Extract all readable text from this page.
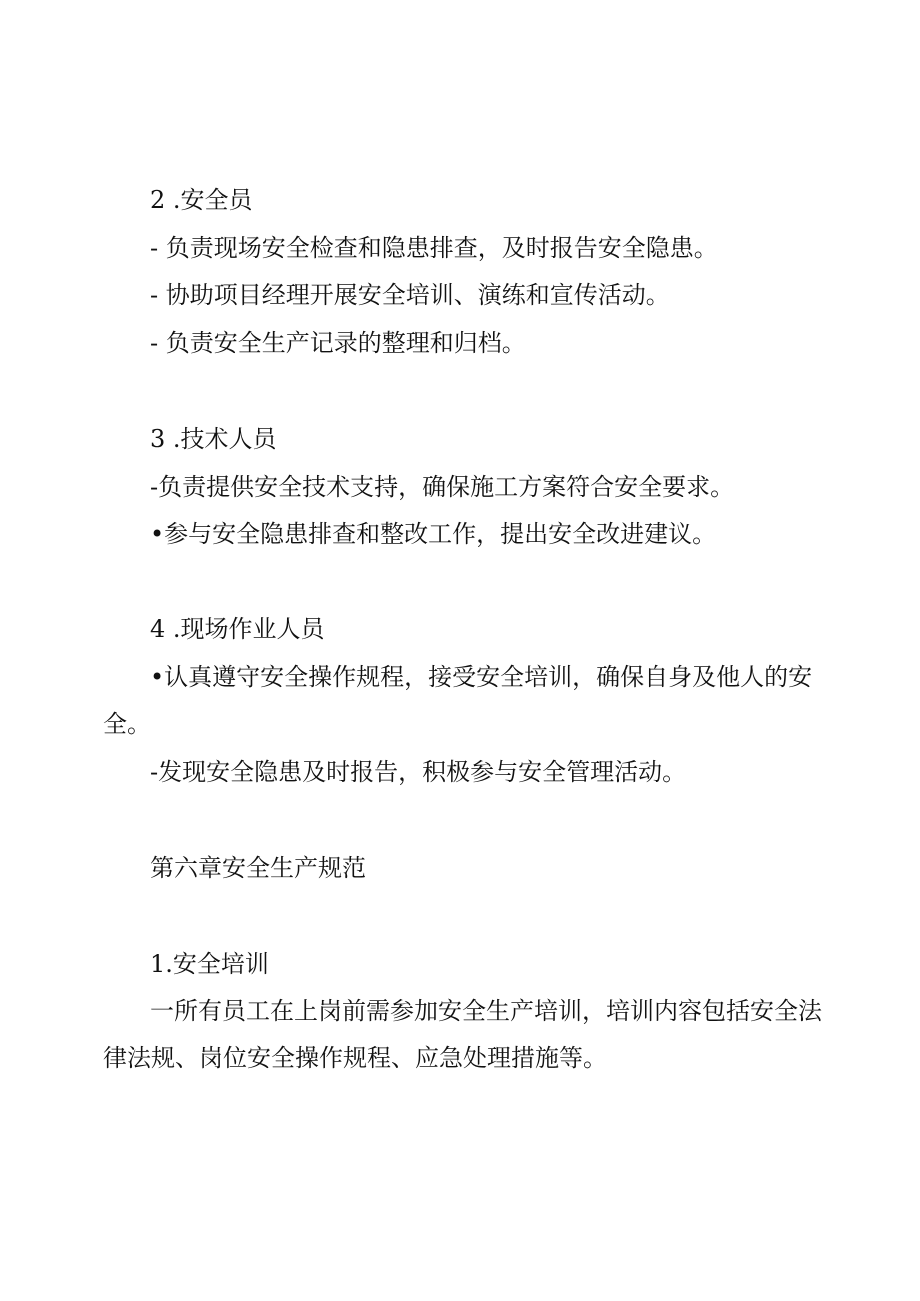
2 .安全员
- 负责现场安全检查和隐患排查，及时报告安全隐患。
- 协助项目经理开展安全培训、演练和宣传活动。
- 负责安全生产记录的整理和归档。
3 .技术人员
-负责提供安全技术支持，确保施工方案符合安全要求。
•参与安全隐患排查和整改工作，提出安全改进建议。
4 .现场作业人员
•认真遵守安全操作规程，接受安全培训，确保自身及他人的安
全。
-发现安全隐患及时报告，积极参与安全管理活动。
第六章安全生产规范
1.安全培训
一所有员工在上岗前需参加安全生产培训，培训内容包括安全法
律法规、岗位安全操作规程、应急处理措施等。
